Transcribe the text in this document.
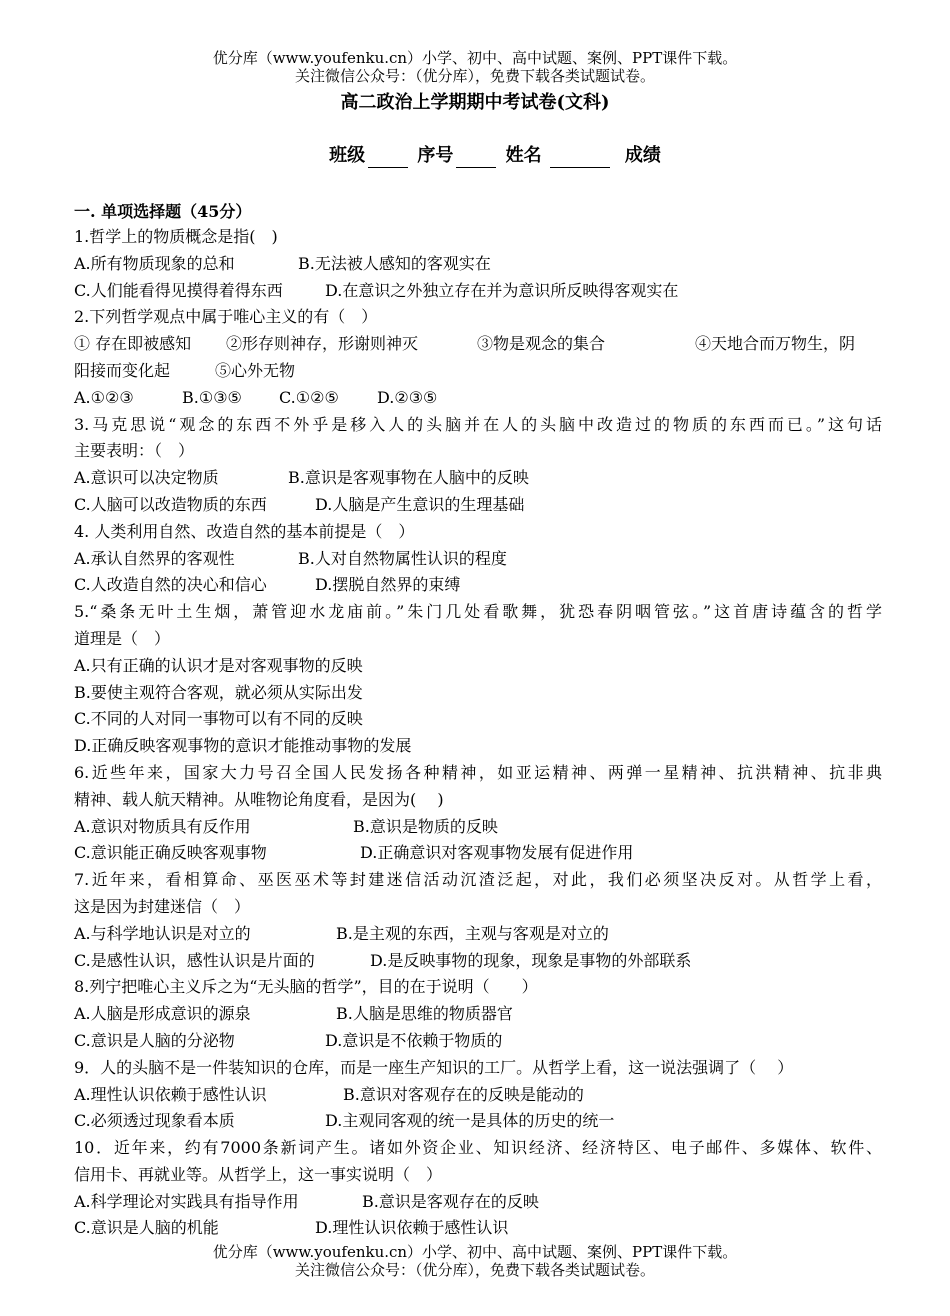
优分库（www.youfenku.cn）小学、初中、高中试题、案例、PPT课件下载。
关注微信公众号：（优分库），免费下载各类试题试卷。
高二政治上学期期中考试卷(文科)
班级	序号	姓名	成绩
一. 单项选择题（45分）
1.哲学上的物质概念是指(　)
A.所有物质现象的总和	B.无法被人感知的客观实在
C.人们能看得见摸得着得东西	D.在意识之外独立存在并为意识所反映得客观实在
2.下列哲学观点中属于唯心主义的有（　）
① 存在即被感知 ②形存则神存，形谢则神灭	③物是观念的集合	④天地合而万物生，阴
阳接而变化起	⑤心外无物
A.①②③	B.①③⑤ C.①②⑤ D.②③⑤
3.马克思说“观念的东西不外乎是移入人的头脑并在人的头脑中改造过的物质的东西而已。”这句话
主要表明：（　）
A.意识可以决定物质	B.意识是客观事物在人脑中的反映
C.人脑可以改造物质的东西	D.人脑是产生意识的生理基础
4. 人类利用自然、改造自然的基本前提是（　）
A.承认自然界的客观性	B.人对自然物属性认识的程度
C.人改造自然的决心和信心	D.摆脱自然界的束缚
5.“桑条无叶土生烟，萧管迎水龙庙前。”朱门几处看歌舞，犹恐春阴咽管弦。”这首唐诗蕴含的哲学
道理是（　）
A.只有正确的认识才是对客观事物的反映
B.要使主观符合客观，就必须从实际出发
C.不同的人对同一事物可以有不同的反映
D.正确反映客观事物的意识才能推动事物的发展
6.近些年来，国家大力号召全国人民发扬各种精神，如亚运精神、两弹一星精神、抗洪精神、抗非典
精神、载人航天精神。从唯物论角度看，是因为(　 )
A.意识对物质具有反作用	B.意识是物质的反映
C.意识能正确反映客观事物	D.正确意识对客观事物发展有促进作用
7.近年来，看相算命、巫医巫术等封建迷信活动沉渣泛起，对此，我们必须坚决反对。从哲学上看，
这是因为封建迷信（　）
A.与科学地认识是对立的	B.是主观的东西，主观与客观是对立的
C.是感性认识，感性认识是片面的	D.是反映事物的现象，现象是事物的外部联系
8.列宁把唯心主义斥之为“无头脑的哲学”，目的在于说明（　　）
A.人脑是形成意识的源泉	B.人脑是思维的物质器官
C.意识是人脑的分泌物	D.意识是不依赖于物质的
9．人的头脑不是一件装知识的仓库，而是一座生产知识的工厂。从哲学上看，这一说法强调了（　 ）
A.理性认识依赖于感性认识	B.意识对客观存在的反映是能动的
C.必须透过现象看本质	D.主观同客观的统一是具体的历史的统一
10．近年来，约有7000条新词产生。诸如外资企业、知识经济、经济特区、电子邮件、多媒体、软件、
信用卡、再就业等。从哲学上，这一事实说明（　）
A.科学理论对实践具有指导作用	B.意识是客观存在的反映
C.意识是人脑的机能	D.理性认识依赖于感性认识
优分库（www.youfenku.cn）小学、初中、高中试题、案例、PPT课件下载。
关注微信公众号：（优分库），免费下载各类试题试卷。
